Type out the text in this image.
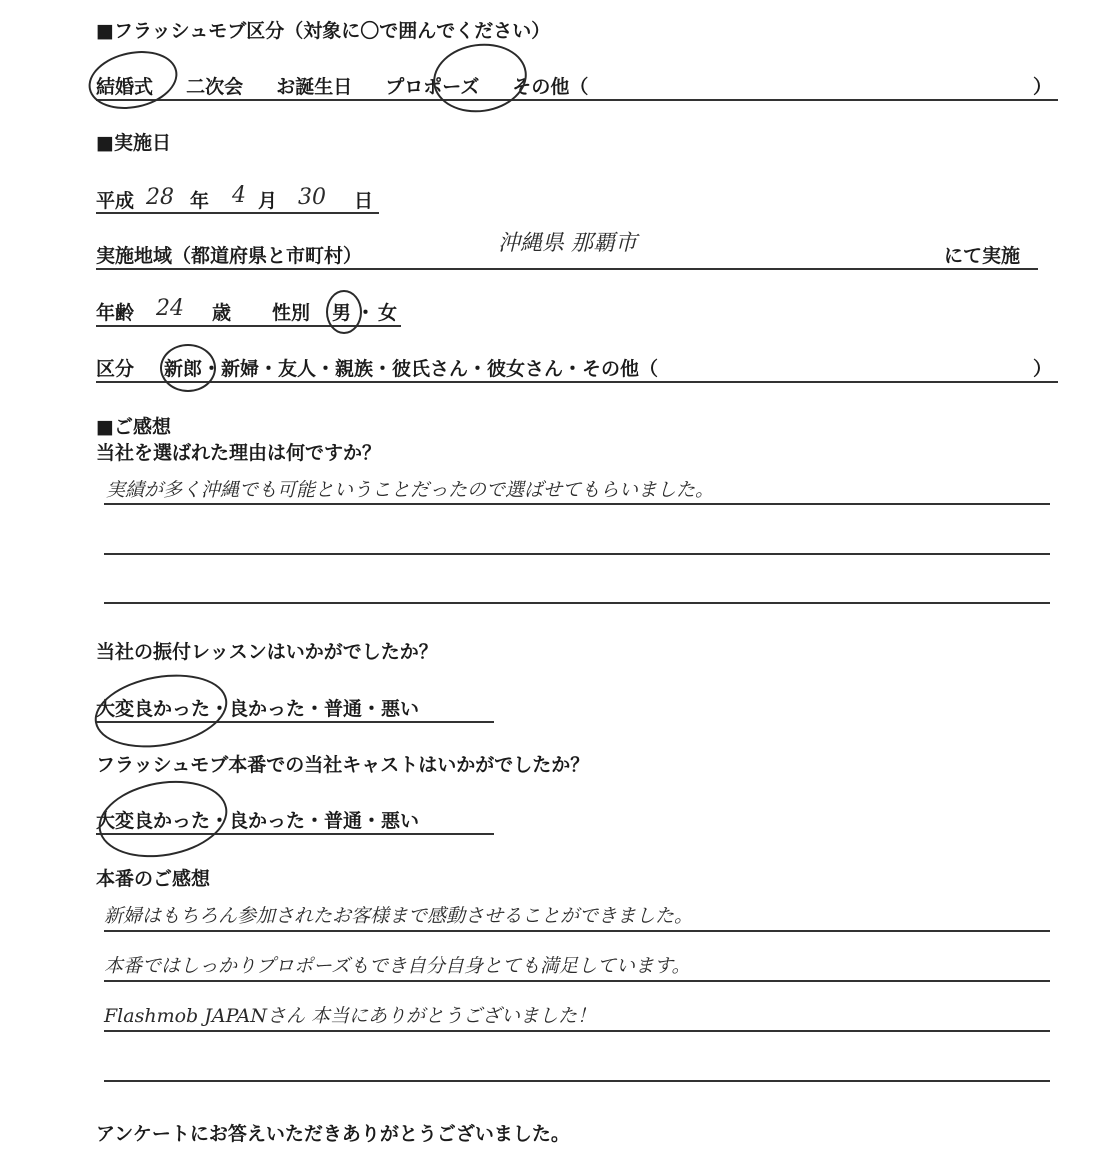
■フラッシュモブ区分（対象に〇で囲んでください）
結婚式 二次会 お誕生日 プロポーズ その他（	）
■実施日
平成 28 年 4 月 30 日
実施地域（都道府県と市町村）	沖縄県 那覇市	にて実施
年齢 24 歳 性別 男 ・ 女
区分 新郎・新婦・友人・親族・彼氏さん・彼女さん・その他（	）
■ご感想
当社を選ばれた理由は何ですか？
実績が多く沖縄でも可能ということだったので選ばせてもらいました。
当社の振付レッスンはいかがでしたか？
大変良かった・良かった・普通・悪い
フラッシュモブ本番での当社キャストはいかがでしたか？
大変良かった・良かった・普通・悪い
本番のご感想
新婦はもちろん参加されたお客様まで感動させることができました。
本番ではしっかりプロポーズもでき自分自身とても満足しています。
Flashmob JAPANさん 本当にありがとうございました！
アンケートにお答えいただきありがとうございました。
